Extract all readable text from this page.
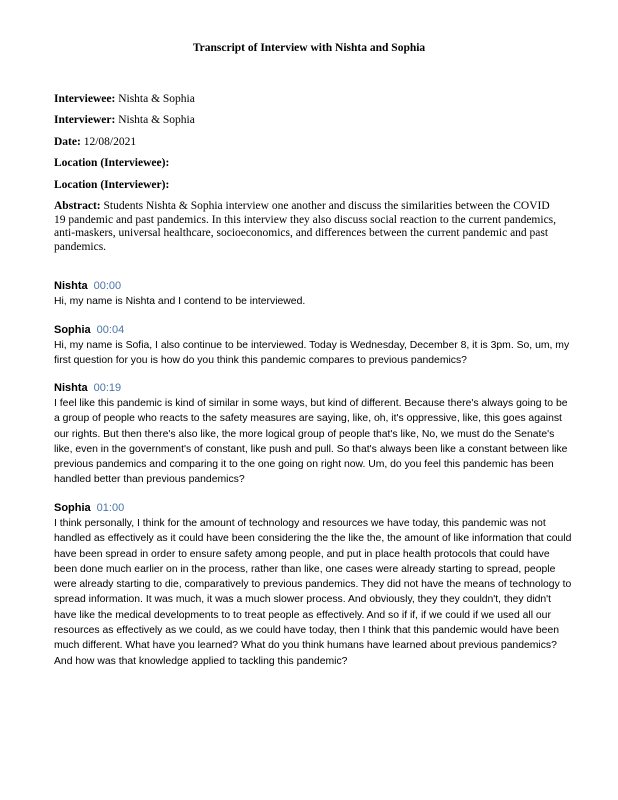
Transcript of Interview with Nishta and Sophia
Interviewee: Nishta & Sophia
Interviewer: Nishta & Sophia
Date: 12/08/2021
Location (Interviewee):
Location (Interviewer):
Abstract: Students Nishta & Sophia interview one another and discuss the similarities between the COVID 19 pandemic and past pandemics. In this interview they also discuss social reaction to the current pandemics, anti-maskers, universal healthcare, socioeconomics, and differences between the current pandemic and past pandemics.
Nishta 00:00
Hi, my name is Nishta and I contend to be interviewed.
Sophia 00:04
Hi, my name is Sofia, I also continue to be interviewed. Today is Wednesday, December 8, it is 3pm. So, um, my first question for you is how do you think this pandemic compares to previous pandemics?
Nishta 00:19
I feel like this pandemic is kind of similar in some ways, but kind of different. Because there's always going to be a group of people who reacts to the safety measures are saying, like, oh, it's oppressive, like, this goes against our rights. But then there's also like, the more logical group of people that's like, No, we must do the Senate's like, even in the government's of constant, like push and pull. So that's always been like a constant between like previous pandemics and comparing it to the one going on right now. Um, do you feel this pandemic has been handled better than previous pandemics?
Sophia 01:00
I think personally, I think for the amount of technology and resources we have today, this pandemic was not handled as effectively as it could have been considering the the like the, the amount of like information that could have been spread in order to ensure safety among people, and put in place health protocols that could have been done much earlier on in the process, rather than like, one cases were already starting to spread, people were already starting to die, comparatively to previous pandemics. They did not have the means of technology to spread information. It was much, it was a much slower process. And obviously, they they couldn't, they didn't have like the medical developments to to treat people as effectively. And so if if, if we could if we used all our resources as effectively as we could, as we could have today, then I think that this pandemic would have been much different. What have you learned? What do you think humans have learned about previous pandemics? And how was that knowledge applied to tackling this pandemic?
